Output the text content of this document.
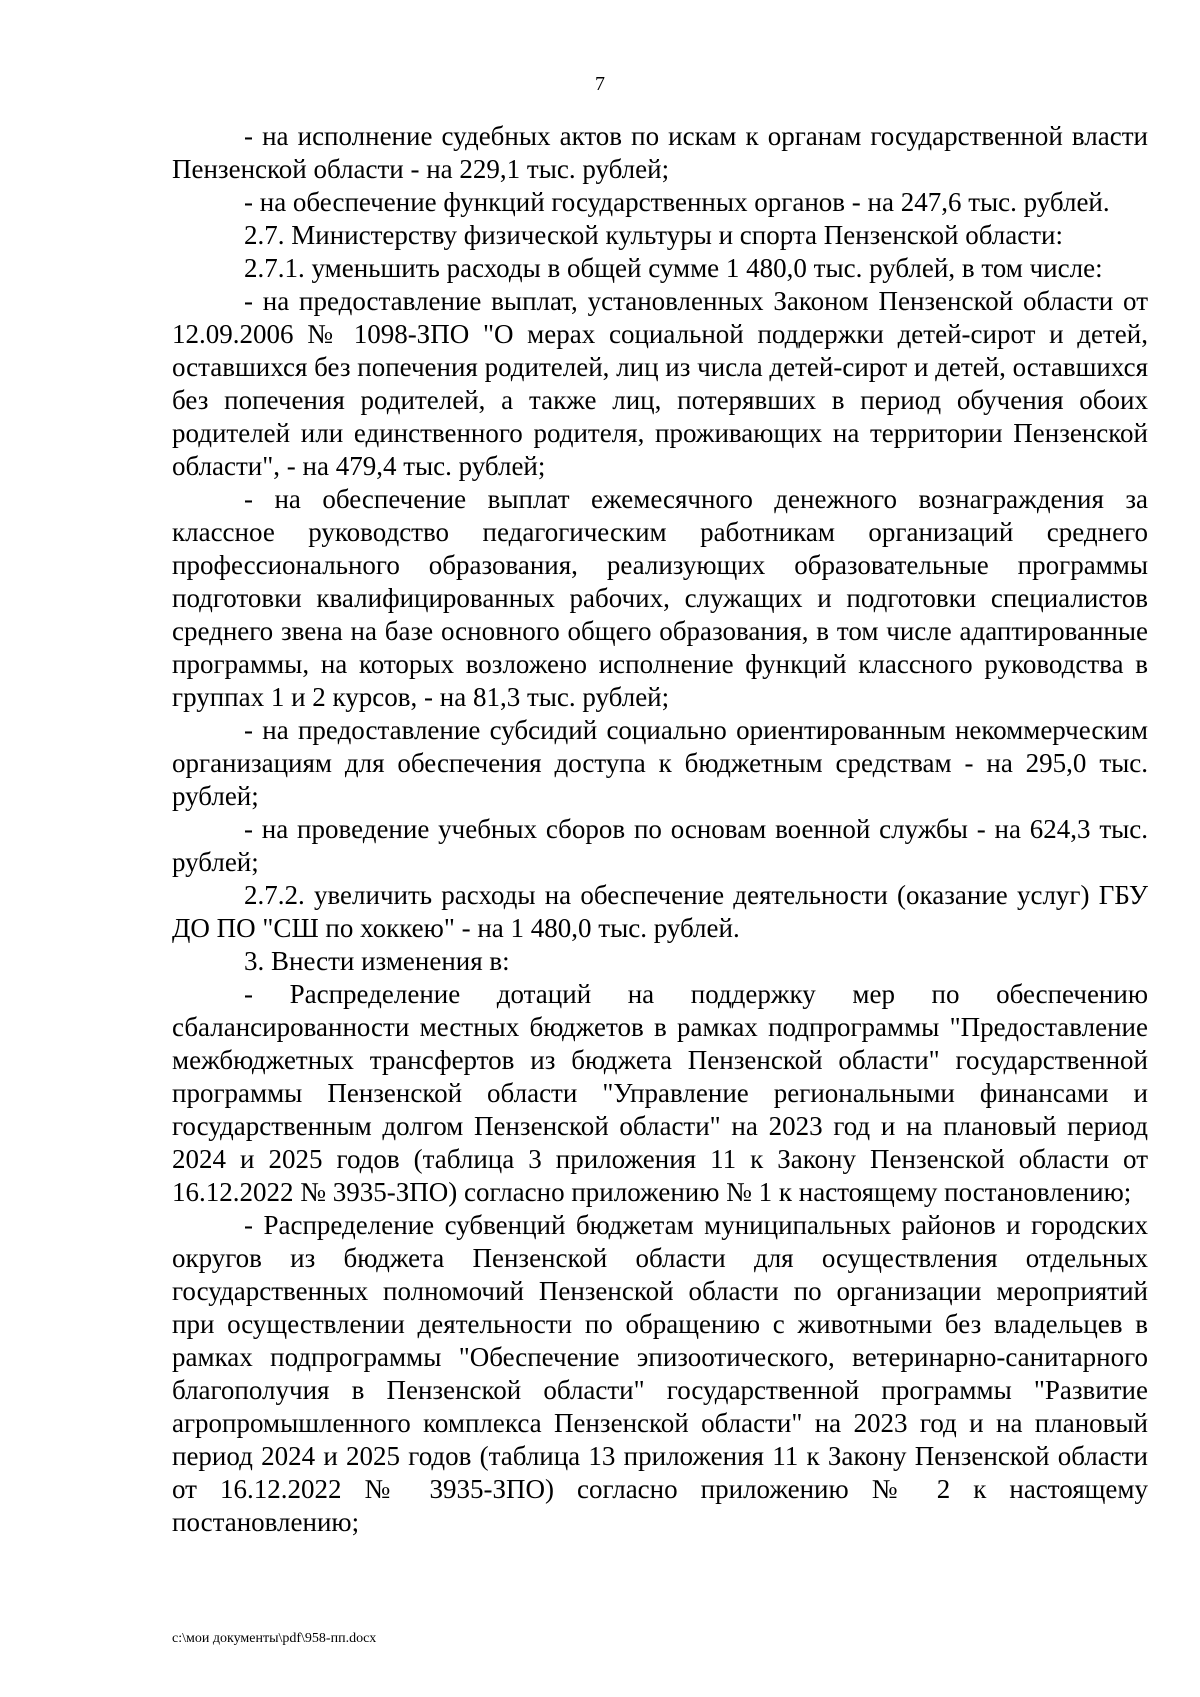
7

- на исполнение судебных актов по искам к органам государственной власти Пензенской области - на 229,1 тыс. рублей;

- на обеспечение функций государственных органов - на 247,6 тыс. рублей.

2.7. Министерству физической культуры и спорта Пензенской области:

2.7.1. уменьшить расходы в общей сумме 1 480,0 тыс. рублей, в том числе:

- на предоставление выплат, установленных Законом Пензенской области от 12.09.2006 № 1098-ЗПО "О мерах социальной поддержки детей-сирот и детей, оставшихся без попечения родителей, лиц из числа детей-сирот и детей, оставшихся без попечения родителей, а также лиц, потерявших в период обучения обоих родителей или единственного родителя, проживающих на территории Пензенской области", - на 479,4 тыс. рублей;

- на обеспечение выплат ежемесячного денежного вознаграждения за классное руководство педагогическим работникам организаций среднего профессионального образования, реализующих образовательные программы подготовки квалифицированных рабочих, служащих и подготовки специалистов среднего звена на базе основного общего образования, в том числе адаптированные программы, на которых возложено исполнение функций классного руководства в группах 1 и 2 курсов, - на 81,3 тыс. рублей;

- на предоставление субсидий социально ориентированным некоммерческим организациям для обеспечения доступа к бюджетным средствам - на 295,0 тыс. рублей;

- на проведение учебных сборов по основам военной службы - на 624,3 тыс. рублей;

2.7.2. увеличить расходы на обеспечение деятельности (оказание услуг) ГБУ ДО ПО "СШ по хоккею" - на 1 480,0 тыс. рублей.

3. Внести изменения в:

- Распределение дотаций на поддержку мер по обеспечению сбалансированности местных бюджетов в рамках подпрограммы "Предоставление межбюджетных трансфертов из бюджета Пензенской области" государственной программы Пензенской области "Управление региональными финансами и государственным долгом Пензенской области" на 2023 год и на плановый период 2024 и 2025 годов (таблица 3 приложения 11 к Закону Пензенской области от 16.12.2022 № 3935-ЗПО) согласно приложению № 1 к настоящему постановлению;

- Распределение субвенций бюджетам муниципальных районов и городских округов из бюджета Пензенской области для осуществления отдельных государственных полномочий Пензенской области по организации мероприятий при осуществлении деятельности по обращению с животными без владельцев в рамках подпрограммы "Обеспечение эпизоотического, ветеринарно-санитарного благополучия в Пензенской области" государственной программы "Развитие агропромышленного комплекса Пензенской области" на 2023 год и на плановый период 2024 и 2025 годов (таблица 13 приложения 11 к Закону Пензенской области от 16.12.2022 № 3935-ЗПО) согласно приложению № 2 к настоящему постановлению;

c:\мои документы\pdf\958-пп.docx
